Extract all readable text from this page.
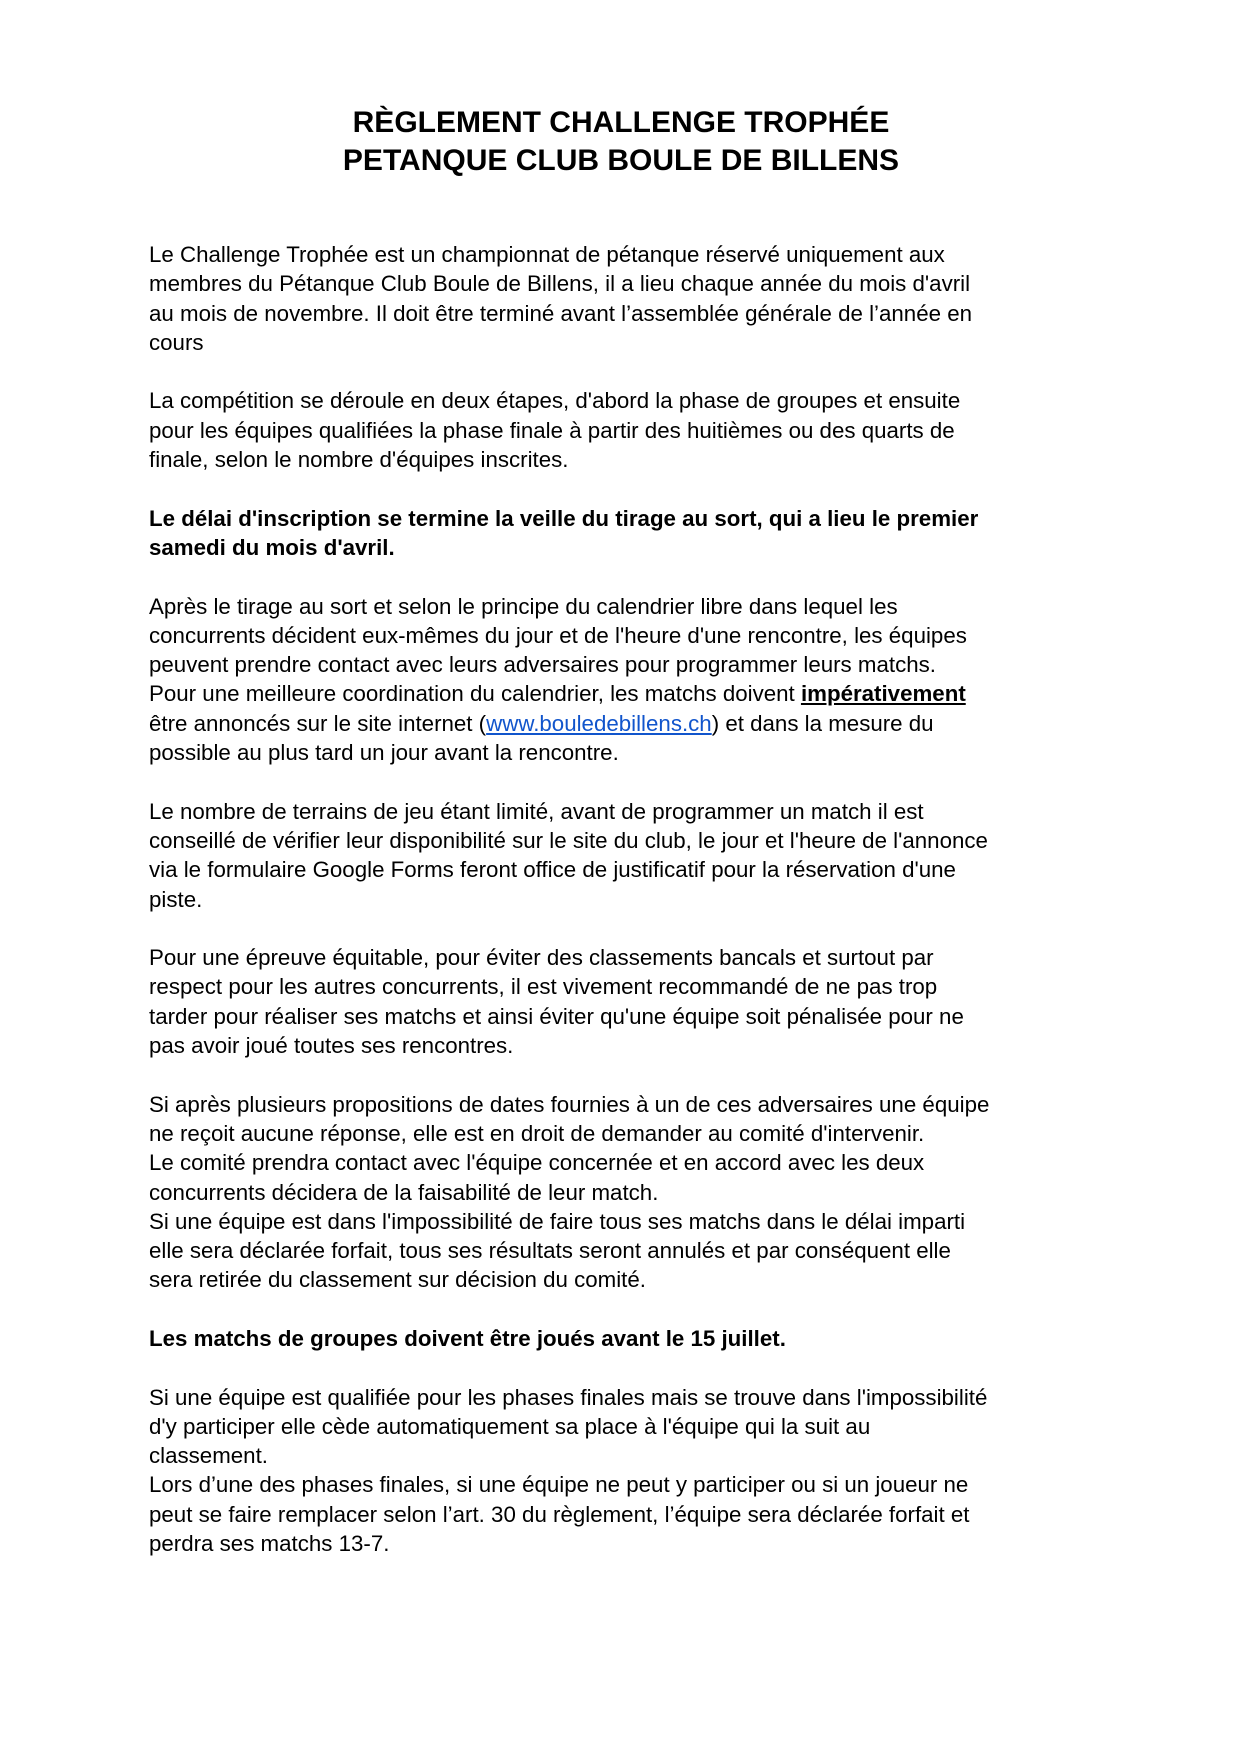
RÈGLEMENT CHALLENGE TROPHÉE
PETANQUE CLUB BOULE DE BILLENS
Le Challenge Trophée est un championnat de pétanque réservé uniquement aux
membres du Pétanque Club Boule de Billens, il a lieu chaque année du mois d'avril
au mois de novembre. Il doit être terminé avant l’assemblée générale de l’année en
cours
La compétition se déroule en deux étapes, d'abord la phase de groupes et ensuite
pour les équipes qualifiées la phase finale à partir des huitièmes ou des quarts de
finale, selon le nombre d'équipes inscrites.
Le délai d'inscription se termine la veille du tirage au sort, qui a lieu le premier
samedi du mois d'avril.
Après le tirage au sort et selon le principe du calendrier libre dans lequel les
concurrents décident eux-mêmes du jour et de l'heure d'une rencontre, les équipes
peuvent prendre contact avec leurs adversaires pour programmer leurs matchs.
Pour une meilleure coordination du calendrier, les matchs doivent impérativement
être annoncés sur le site internet (www.bouledebillens.ch) et dans la mesure du
possible au plus tard un jour avant la rencontre.
Le nombre de terrains de jeu étant limité, avant de programmer un match il est
conseillé de vérifier leur disponibilité sur le site du club, le jour et l'heure de l'annonce
via le formulaire Google Forms feront office de justificatif pour la réservation d'une
piste.
Pour une épreuve équitable, pour éviter des classements bancals et surtout par
respect pour les autres concurrents, il est vivement recommandé de ne pas trop
tarder pour réaliser ses matchs et ainsi éviter qu'une équipe soit pénalisée pour ne
pas avoir joué toutes ses rencontres.
Si après plusieurs propositions de dates fournies à un de ces adversaires une équipe
ne reçoit aucune réponse, elle est en droit de demander au comité d'intervenir.
Le comité prendra contact avec l'équipe concernée et en accord avec les deux
concurrents décidera de la faisabilité de leur match.
Si une équipe est dans l'impossibilité de faire tous ses matchs dans le délai imparti
elle sera déclarée forfait, tous ses résultats seront annulés et par conséquent elle
sera retirée du classement sur décision du comité.
Les matchs de groupes doivent être joués avant le 15 juillet.
Si une équipe est qualifiée pour les phases finales mais se trouve dans l'impossibilité
d'y participer elle cède automatiquement sa place à l'équipe qui la suit au
classement.
Lors d’une des phases finales, si une équipe ne peut y participer ou si un joueur ne
peut se faire remplacer selon l’art. 30 du règlement, l’équipe sera déclarée forfait et
perdra ses matchs 13-7.
